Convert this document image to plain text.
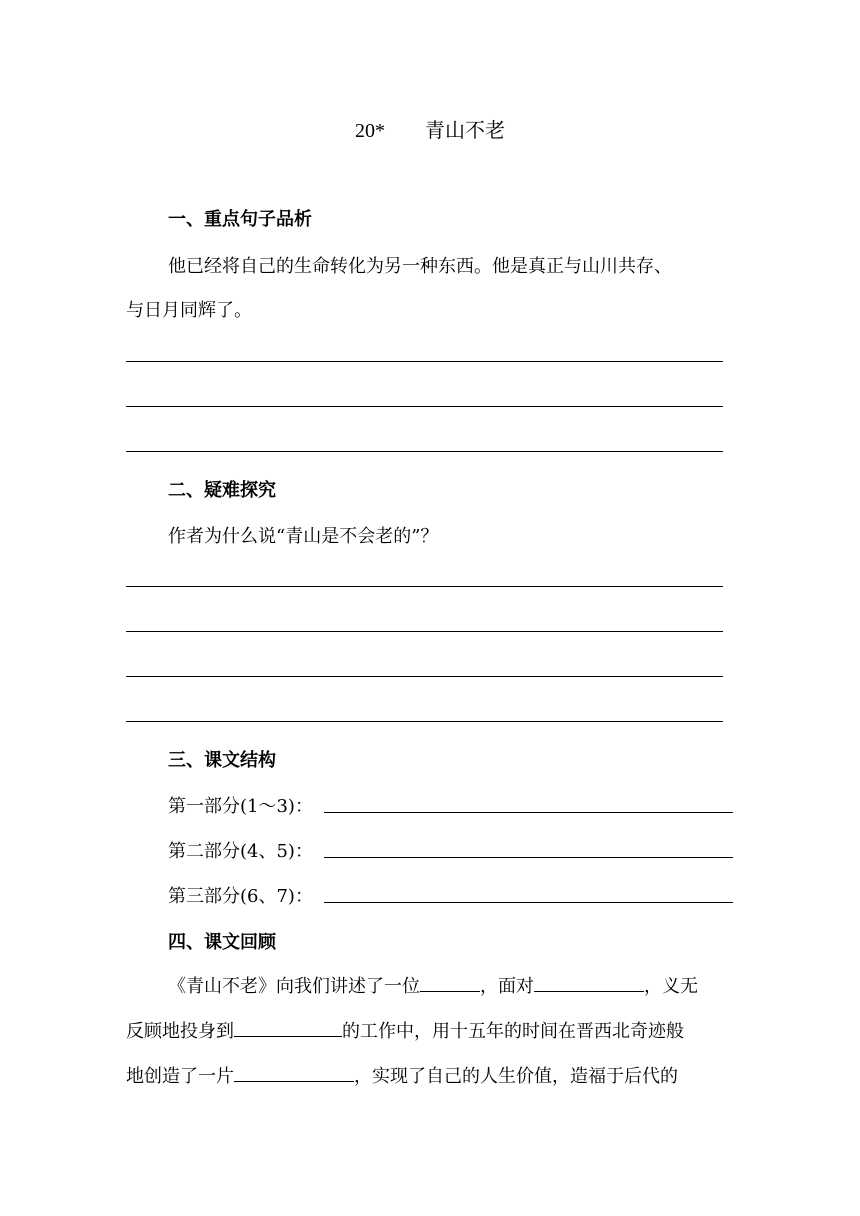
20* 青山不老
一、重点句子品析
他已经将自己的生命转化为另一种东西。他是真正与山川共存、
与日月同辉了。
二、疑难探究
作者为什么说“青山是不会老的”？
三、课文结构
第一部分(1～3)：
第二部分(4、5)：
第三部分(6、7)：
四、课文回顾
《青山不老》向我们讲述了一位	，面对	，义无
反顾地投身到	的工作中，用十五年的时间在晋西北奇迹般
地创造了一片	，实现了自己的人生价值，造福于后代的
